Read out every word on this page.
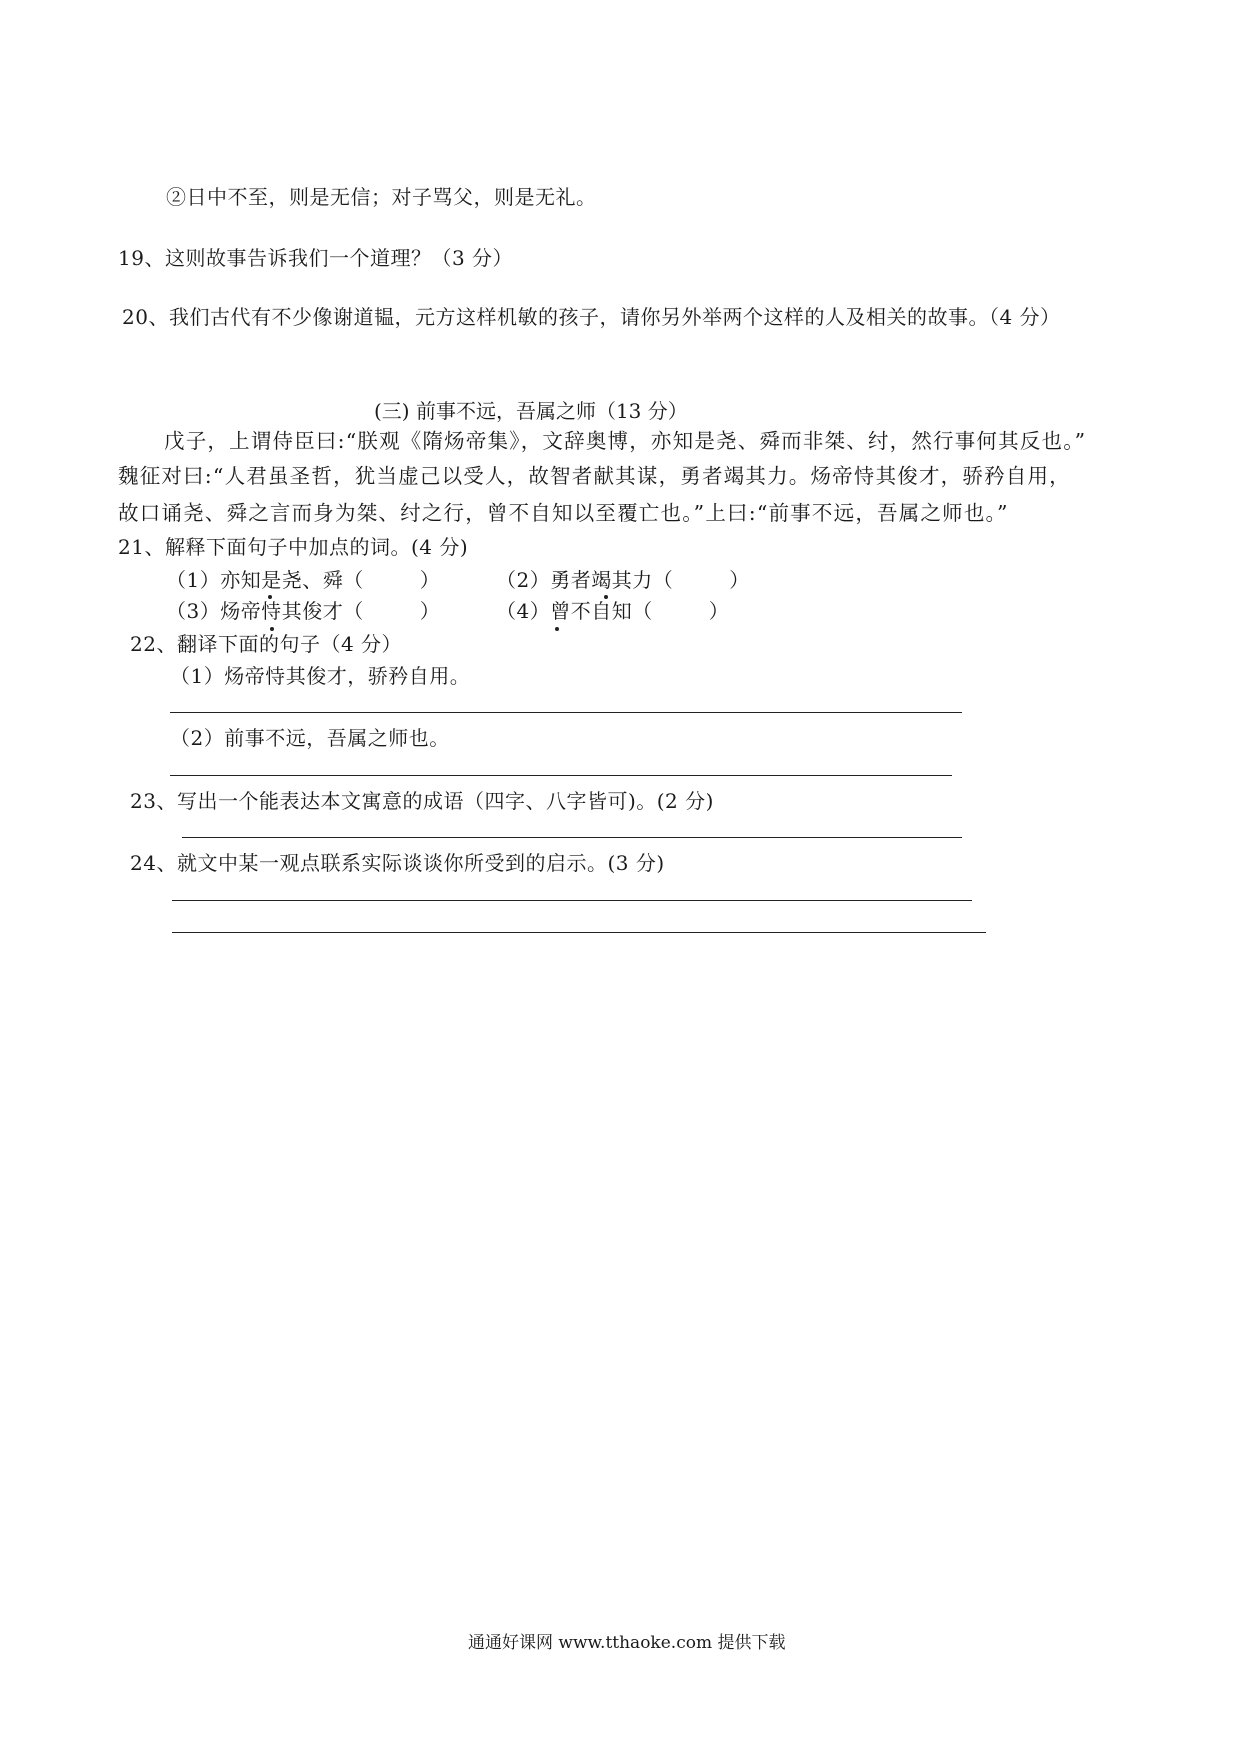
②日中不至，则是无信；对子骂父，则是无礼。
19、这则故事告诉我们一个道理？（3 分）
20、我们古代有不少像谢道韫，元方这样机敏的孩子，请你另外举两个这样的人及相关的故事。（4 分）
(三) 前事不远，吾属之师（13 分）
戊子，上谓侍臣曰:“朕观《隋炀帝集》，文辞奥博，亦知是尧、舜而非桀、纣，然行事何其反也。”
魏征对曰:“人君虽圣哲，犹当虚己以受人，故智者献其谋，勇者竭其力。炀帝恃其俊才，骄矜自用，
故口诵尧、舜之言而身为桀、纣之行，曾不自知以至覆亡也。”上曰:“前事不远，吾属之师也。”
21、解释下面句子中加点的词。(4 分)
（1）亦知是尧、舜（	）	（2）勇者竭其力（	）
（3）炀帝恃其俊才（	）	（4）曾不自知（	）
22、翻译下面的句子（4 分）
（1）炀帝恃其俊才，骄矜自用。
（2）前事不远，吾属之师也。
23、写出一个能表达本文寓意的成语（四字、八字皆可)。(2 分)
24、就文中某一观点联系实际谈谈你所受到的启示。(3 分)
通通好课网 www.tthaoke.com 提供下载
